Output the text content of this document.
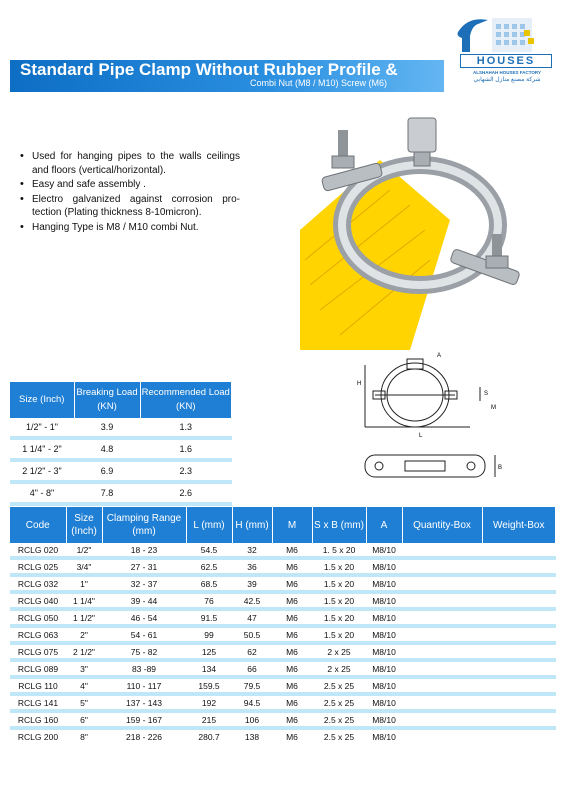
HOUSES
ALSHAHAH HOUSES FACTORY
شركة مصنع منازل الشهابي
Standard Pipe Clamp Without Rubber Profile &
Combi Nut (M8 / M10) Screw (M6)
• Used for hanging pipes to the walls ceilings and floors (vertical/horizontal).
• Easy and safe assembly .
• Electro galvanized against corrosion pro-tection (Plating thickness 8-10micron).
• Hanging Type is M8 / M10 combi Nut.
A
H
S
M
L
B
Size (Inch)	Breaking Load (KN)	Recommended Load (KN)
1/2" - 1"	3.9	1.3

1 1/4" - 2"	4.8	1.6

2 1/2" - 3"	6.9	2.3

4" - 8"	7.8	2.6

Code	Size (Inch)	Clamping Range (mm)	L (mm)	H (mm)	M	S x B (mm)	A	Quantity-Box	Weight-Box
RCLG 020	1/2"	18 - 23	54.5	32	M6	1. 5 x 20	M8/10		

RCLG 025	3/4"	27 - 31	62.5	36	M6	1.5 x 20	M8/10		

RCLG 032	1"	32 - 37	68.5	39	M6	1.5 x 20	M8/10		

RCLG 040	1 1/4"	39 - 44	76	42.5	M6	1.5 x 20	M8/10		

RCLG 050	1 1/2"	46 - 54	91.5	47	M6	1.5 x 20	M8/10		

RCLG 063	2"	54 - 61	99	50.5	M6	1.5 x 20	M8/10		

RCLG 075	2 1/2"	75 - 82	125	62	M6	2 x 25	M8/10		

RCLG 089	3"	83 -89	134	66	M6	2 x 25	M8/10		

RCLG 110	4"	110 - 117	159.5	79.5	M6	2.5 x 25	M8/10		

RCLG 141	5"	137 - 143	192	94.5	M6	2.5 x 25	M8/10		

RCLG 160	6"	159 - 167	215	106	M6	2.5 x 25	M8/10		

RCLG 200	8"	218 - 226	280.7	138	M6	2.5 x 25	M8/10		
